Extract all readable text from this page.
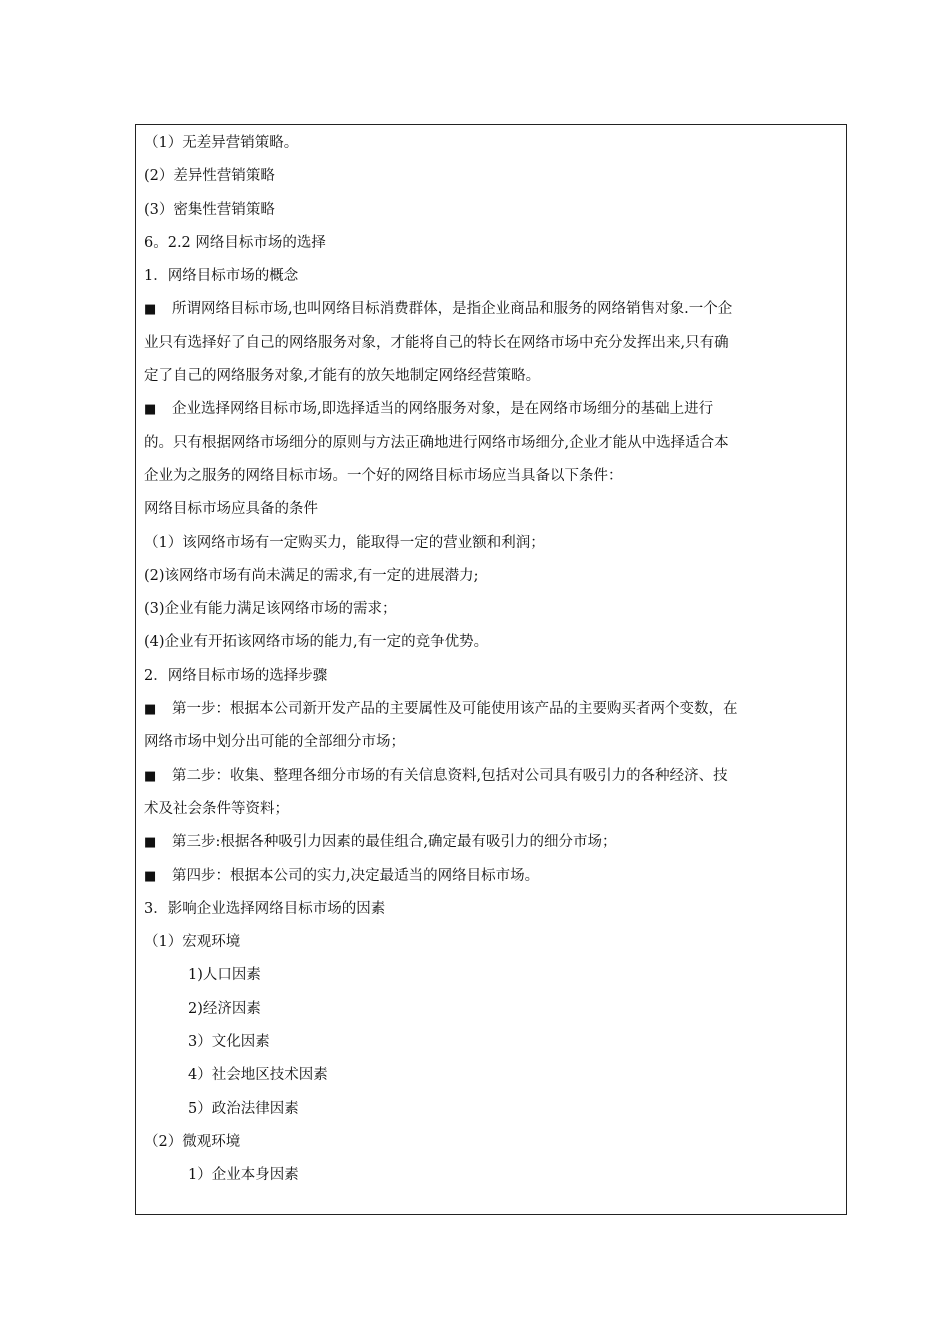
（1）无差异营销策略。
(2）差异性营销策略
(3）密集性营销策略
6。2.2 网络目标市场的选择
1．网络目标市场的概念
■ 所谓网络目标市场,也叫网络目标消费群体，是指企业商品和服务的网络销售对象.一个企
业只有选择好了自己的网络服务对象，才能将自己的特长在网络市场中充分发挥出来,只有确
定了自己的网络服务对象,才能有的放矢地制定网络经营策略。
■ 企业选择网络目标市场,即选择适当的网络服务对象，是在网络市场细分的基础上进行
的。只有根据网络市场细分的原则与方法正确地进行网络市场细分,企业才能从中选择适合本
企业为之服务的网络目标市场。一个好的网络目标市场应当具备以下条件：
网络目标市场应具备的条件
（1）该网络市场有一定购买力，能取得一定的营业额和利润；
(2)该网络市场有尚未满足的需求,有一定的进展潜力;
(3)企业有能力满足该网络市场的需求；
(4)企业有开拓该网络市场的能力,有一定的竞争优势。
2．网络目标市场的选择步骤
■ 第一步：根据本公司新开发产品的主要属性及可能使用该产品的主要购买者两个变数，在
网络市场中划分出可能的全部细分市场；
■ 第二步：收集、整理各细分市场的有关信息资料,包括对公司具有吸引力的各种经济、技
术及社会条件等资料；
■ 第三步:根据各种吸引力因素的最佳组合,确定最有吸引力的细分市场；
■ 第四步：根据本公司的实力,决定最适当的网络目标市场。
3．影响企业选择网络目标市场的因素
（1）宏观环境
1)人口因素
2)经济因素
3）文化因素
4）社会地区技术因素
5）政治法律因素
（2）微观环境
1）企业本身因素
